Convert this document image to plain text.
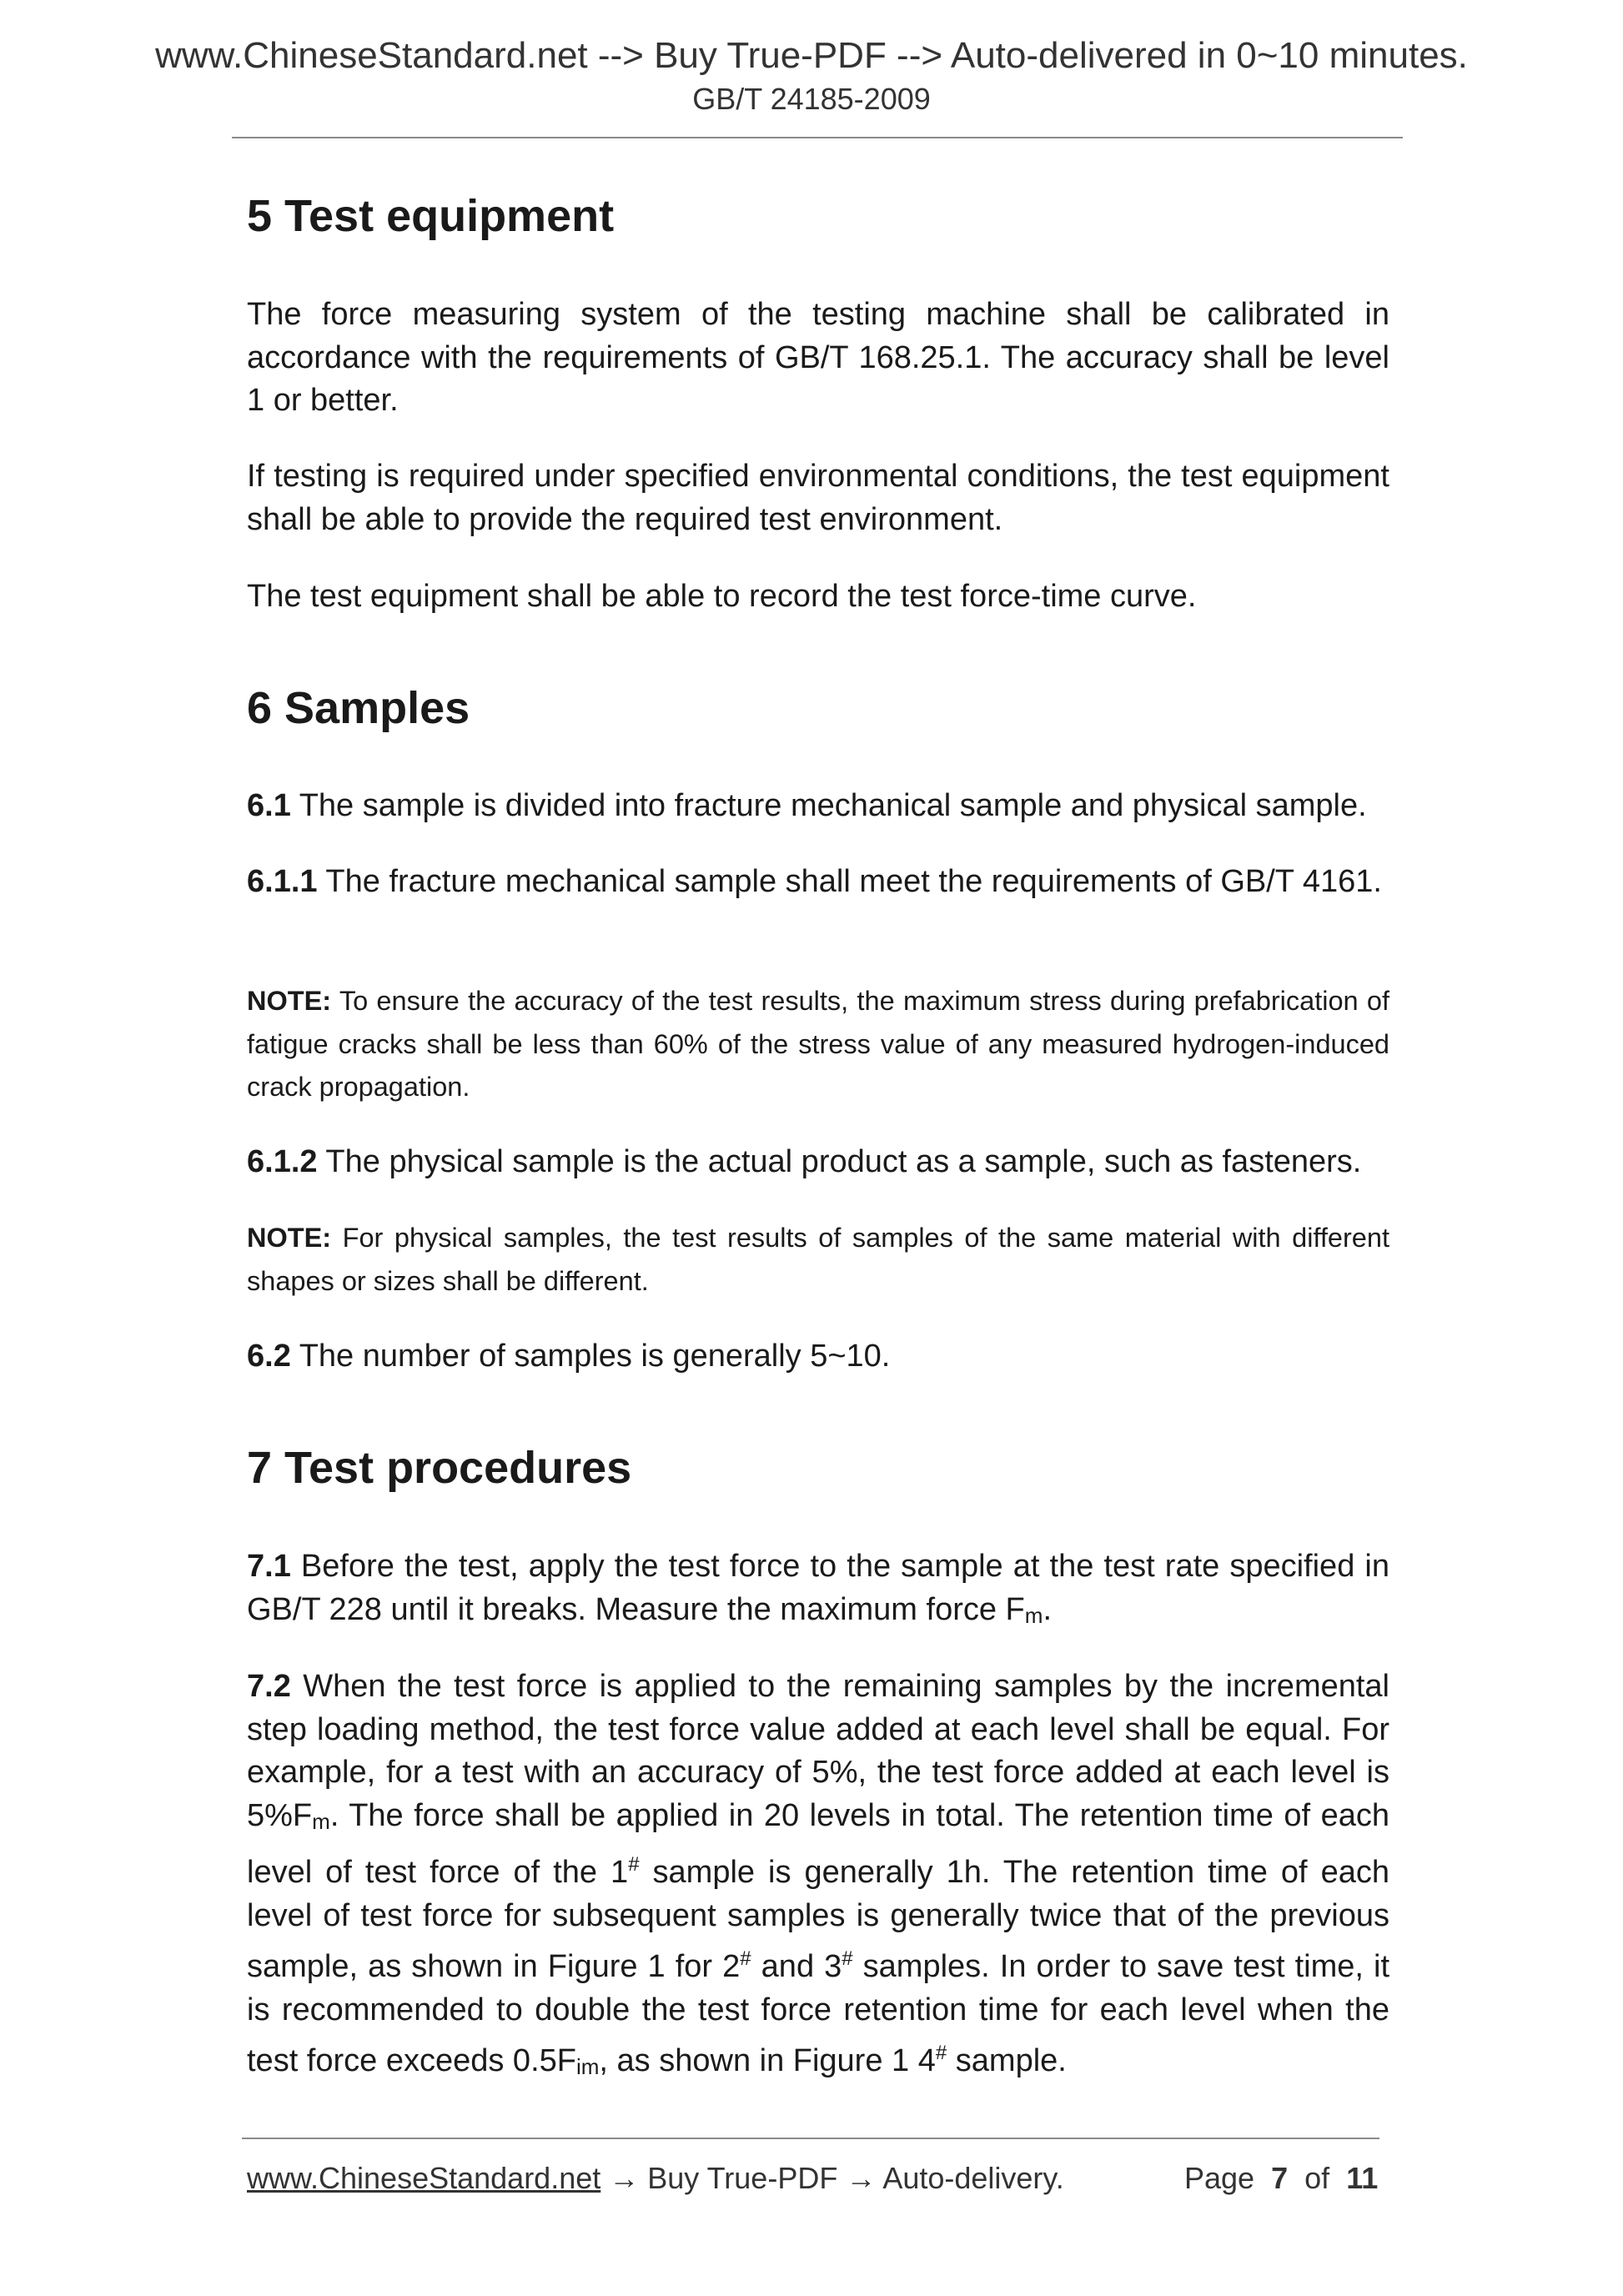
www.ChineseStandard.net --> Buy True-PDF --> Auto-delivered in 0~10 minutes.
GB/T 24185-2009
5 Test equipment
The force measuring system of the testing machine shall be calibrated in accordance with the requirements of GB/T 168.25.1. The accuracy shall be level 1 or better.
If testing is required under specified environmental conditions, the test equipment shall be able to provide the required test environment.
The test equipment shall be able to record the test force-time curve.
6 Samples
6.1 The sample is divided into fracture mechanical sample and physical sample.
6.1.1 The fracture mechanical sample shall meet the requirements of GB/T 4161.
NOTE: To ensure the accuracy of the test results, the maximum stress during prefabrication of fatigue cracks shall be less than 60% of the stress value of any measured hydrogen-induced crack propagation.
6.1.2 The physical sample is the actual product as a sample, such as fasteners.
NOTE: For physical samples, the test results of samples of the same material with different shapes or sizes shall be different.
6.2 The number of samples is generally 5~10.
7 Test procedures
7.1 Before the test, apply the test force to the sample at the test rate specified in GB/T 228 until it breaks. Measure the maximum force Fm.
7.2 When the test force is applied to the remaining samples by the incremental step loading method, the test force value added at each level shall be equal. For example, for a test with an accuracy of 5%, the test force added at each level is 5%Fm. The force shall be applied in 20 levels in total. The retention time of each level of test force of the 1# sample is generally 1h. The retention time of each level of test force for subsequent samples is generally twice that of the previous sample, as shown in Figure 1 for 2# and 3# samples. In order to save test time, it is recommended to double the test force retention time for each level when the test force exceeds 0.5Fim, as shown in Figure 1 4# sample.
www.ChineseStandard.net → Buy True-PDF → Auto-delivery.	Page 7 of 11
